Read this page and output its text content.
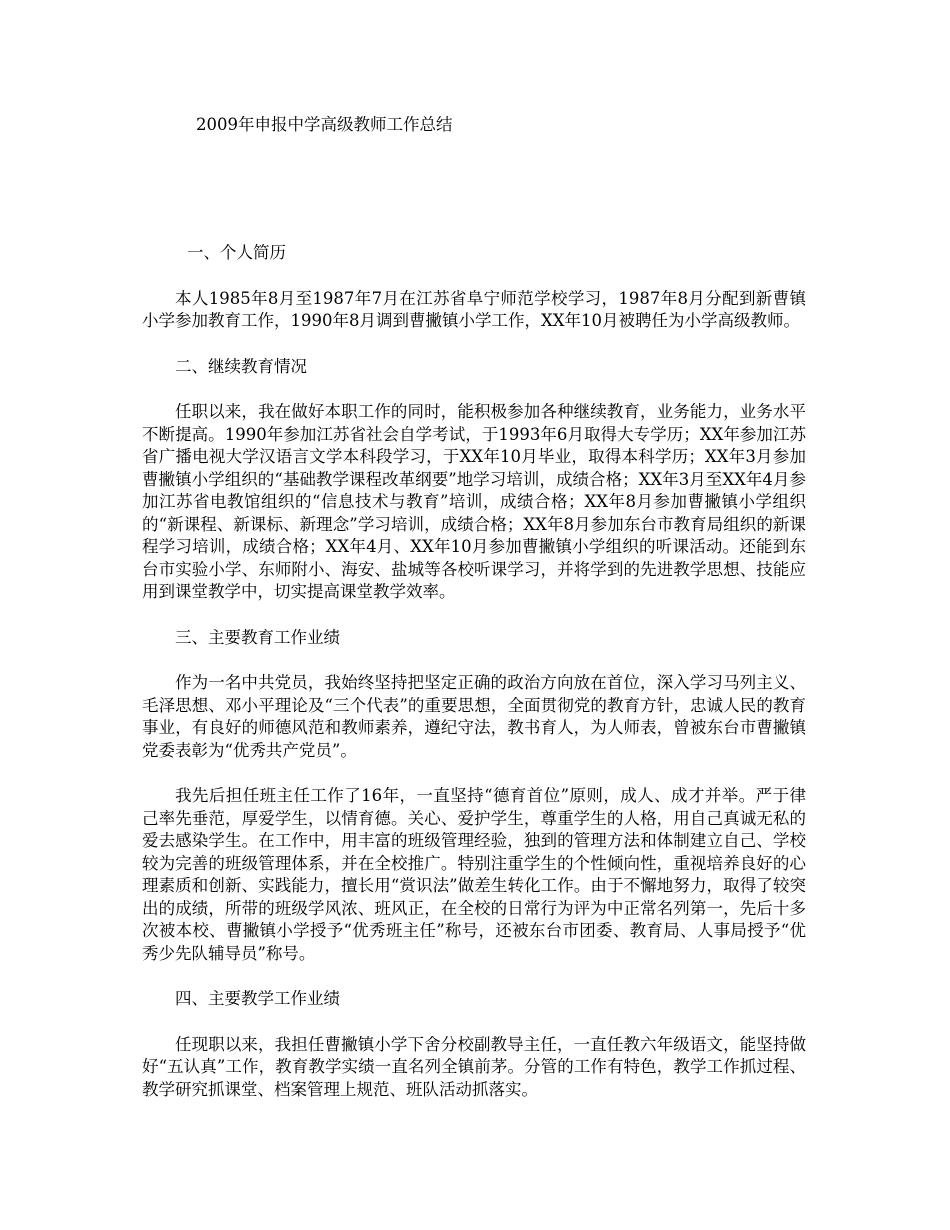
2009年申报中学高级教师工作总结
一、个人简历

本人1985年8月至1987年7月在江苏省阜宁师范学校学习，1987年8月分配到新曹镇小学参加教育工作，1990年8月调到曹撇镇小学工作，XX年10月被聘任为小学高级教师。

二、继续教育情况

任职以来，我在做好本职工作的同时，能积极参加各种继续教育，业务能力，业务水平不断提高。1990年参加江苏省社会自学考试，于1993年6月取得大专学历；XX年参加江苏省广播电视大学汉语言文学本科段学习，于XX年10月毕业，取得本科学历；XX年3月参加曹撇镇小学组织的“基础教学课程改革纲要”地学习培训，成绩合格；XX年3月至XX年4月参加江苏省电教馆组织的“信息技术与教育”培训，成绩合格；XX年8月参加曹撇镇小学组织的“新课程、新课标、新理念”学习培训，成绩合格；XX年8月参加东台市教育局组织的新课程学习培训，成绩合格；XX年4月、XX年10月参加曹撇镇小学组织的听课活动。还能到东台市实验小学、东师附小、海安、盐城等各校听课学习，并将学到的先进教学思想、技能应用到课堂教学中，切实提高课堂教学效率。

三、主要教育工作业绩

作为一名中共党员，我始终坚持把坚定正确的政治方向放在首位，深入学习马列主义、毛泽思想、邓小平理论及“三个代表”的重要思想，全面贯彻党的教育方针，忠诚人民的教育事业，有良好的师德风范和教师素养，遵纪守法，教书育人，为人师表，曾被东台市曹撇镇党委表彰为“优秀共产党员”。

我先后担任班主任工作了16年，一直坚持“德育首位”原则，成人、成才并举。严于律己率先垂范，厚爱学生，以情育德。关心、爱护学生，尊重学生的人格，用自己真诚无私的爱去感染学生。在工作中，用丰富的班级管理经验，独到的管理方法和体制建立自己、学校较为完善的班级管理体系，并在全校推广。特别注重学生的个性倾向性，重视培养良好的心理素质和创新、实践能力，擅长用“赏识法”做差生转化工作。由于不懈地努力，取得了较突出的成绩，所带的班级学风浓、班风正，在全校的日常行为评为中正常名列第一，先后十多次被本校、曹撇镇小学授予“优秀班主任”称号，还被东台市团委、教育局、人事局授予“优秀少先队辅导员”称号。

四、主要教学工作业绩

任现职以来，我担任曹撇镇小学下舍分校副教导主任，一直任教六年级语文，能坚持做好“五认真”工作，教育教学实绩一直名列全镇前茅。分管的工作有特色，教学工作抓过程、教学研究抓课堂、档案管理上规范、班队活动抓落实。
